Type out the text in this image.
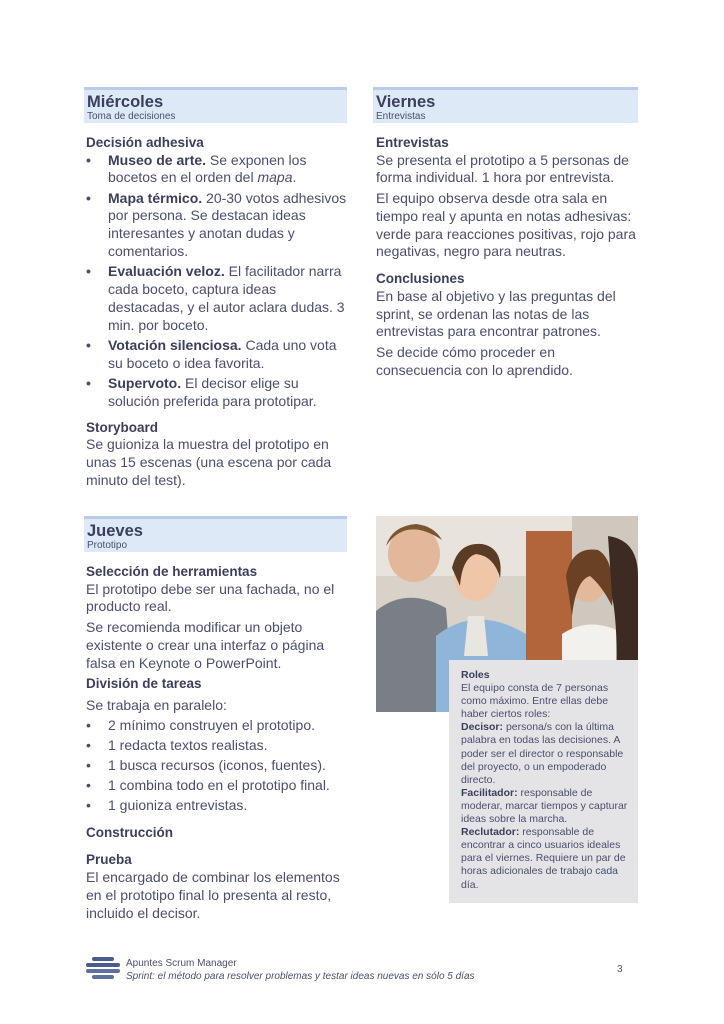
Miércoles
Toma de decisiones
Decisión adhesiva
• Museo de arte. Se exponen los bocetos en el orden del mapa.
• Mapa térmico. 20-30 votos adhesivos por persona. Se destacan ideas interesantes y anotan dudas y comentarios.
• Evaluación veloz. El facilitador narra cada boceto, captura ideas destacadas, y el autor aclara dudas. 3 min. por boceto.
• Votación silenciosa. Cada uno vota su boceto o idea favorita.
• Supervoto. El decisor elige su solución preferida para prototipar.
Storyboard

Se guioniza la muestra del prototipo en unas 15 escenas (una escena por cada minuto del test).

Viernes
Entrevistas
Entrevistas

Se presenta el prototipo a 5 personas de forma individual. 1 hora por entrevista.

El equipo observa desde otra sala en tiempo real y apunta en notas adhesivas: verde para reacciones positivas, rojo para negativas, negro para neutras.

Conclusiones

En base al objetivo y las preguntas del sprint, se ordenan las notas de las entrevistas para encontrar patrones.

Se decide cómo proceder en consecuencia con lo aprendido.

Jueves
Prototipo
Selección de herramientas

El prototipo debe ser una fachada, no el producto real.

Se recomienda modificar un objeto existente o crear una interfaz o página falsa en Keynote o PowerPoint.

División de tareas

Se trabaja en paralelo:

• 2 mínimo construyen el prototipo.
• 1 redacta textos realistas.
• 1 busca recursos (iconos, fuentes).
• 1 combina todo en el prototipo final.
• 1 guioniza entrevistas.
Construcción
Prueba

El encargado de combinar los elementos en el prototipo final lo presenta al resto, incluido el decisor.

Roles

El equipo consta de 7 personas como máximo. Entre ellas debe haber ciertos roles:

Decisor: persona/s con la última palabra en todas las decisiones. A poder ser el director o responsable del proyecto, o un empoderado directo.

Facilitador: responsable de moderar, marcar tiempos y capturar ideas sobre la marcha.

Reclutador: responsable de encontrar a cinco usuarios ideales para el viernes. Requiere un par de horas adicionales de trabajo cada día.

Apuntes Scrum Manager
Sprint: el método para resolver problemas y testar ideas nuevas en sólo 5 días
3
